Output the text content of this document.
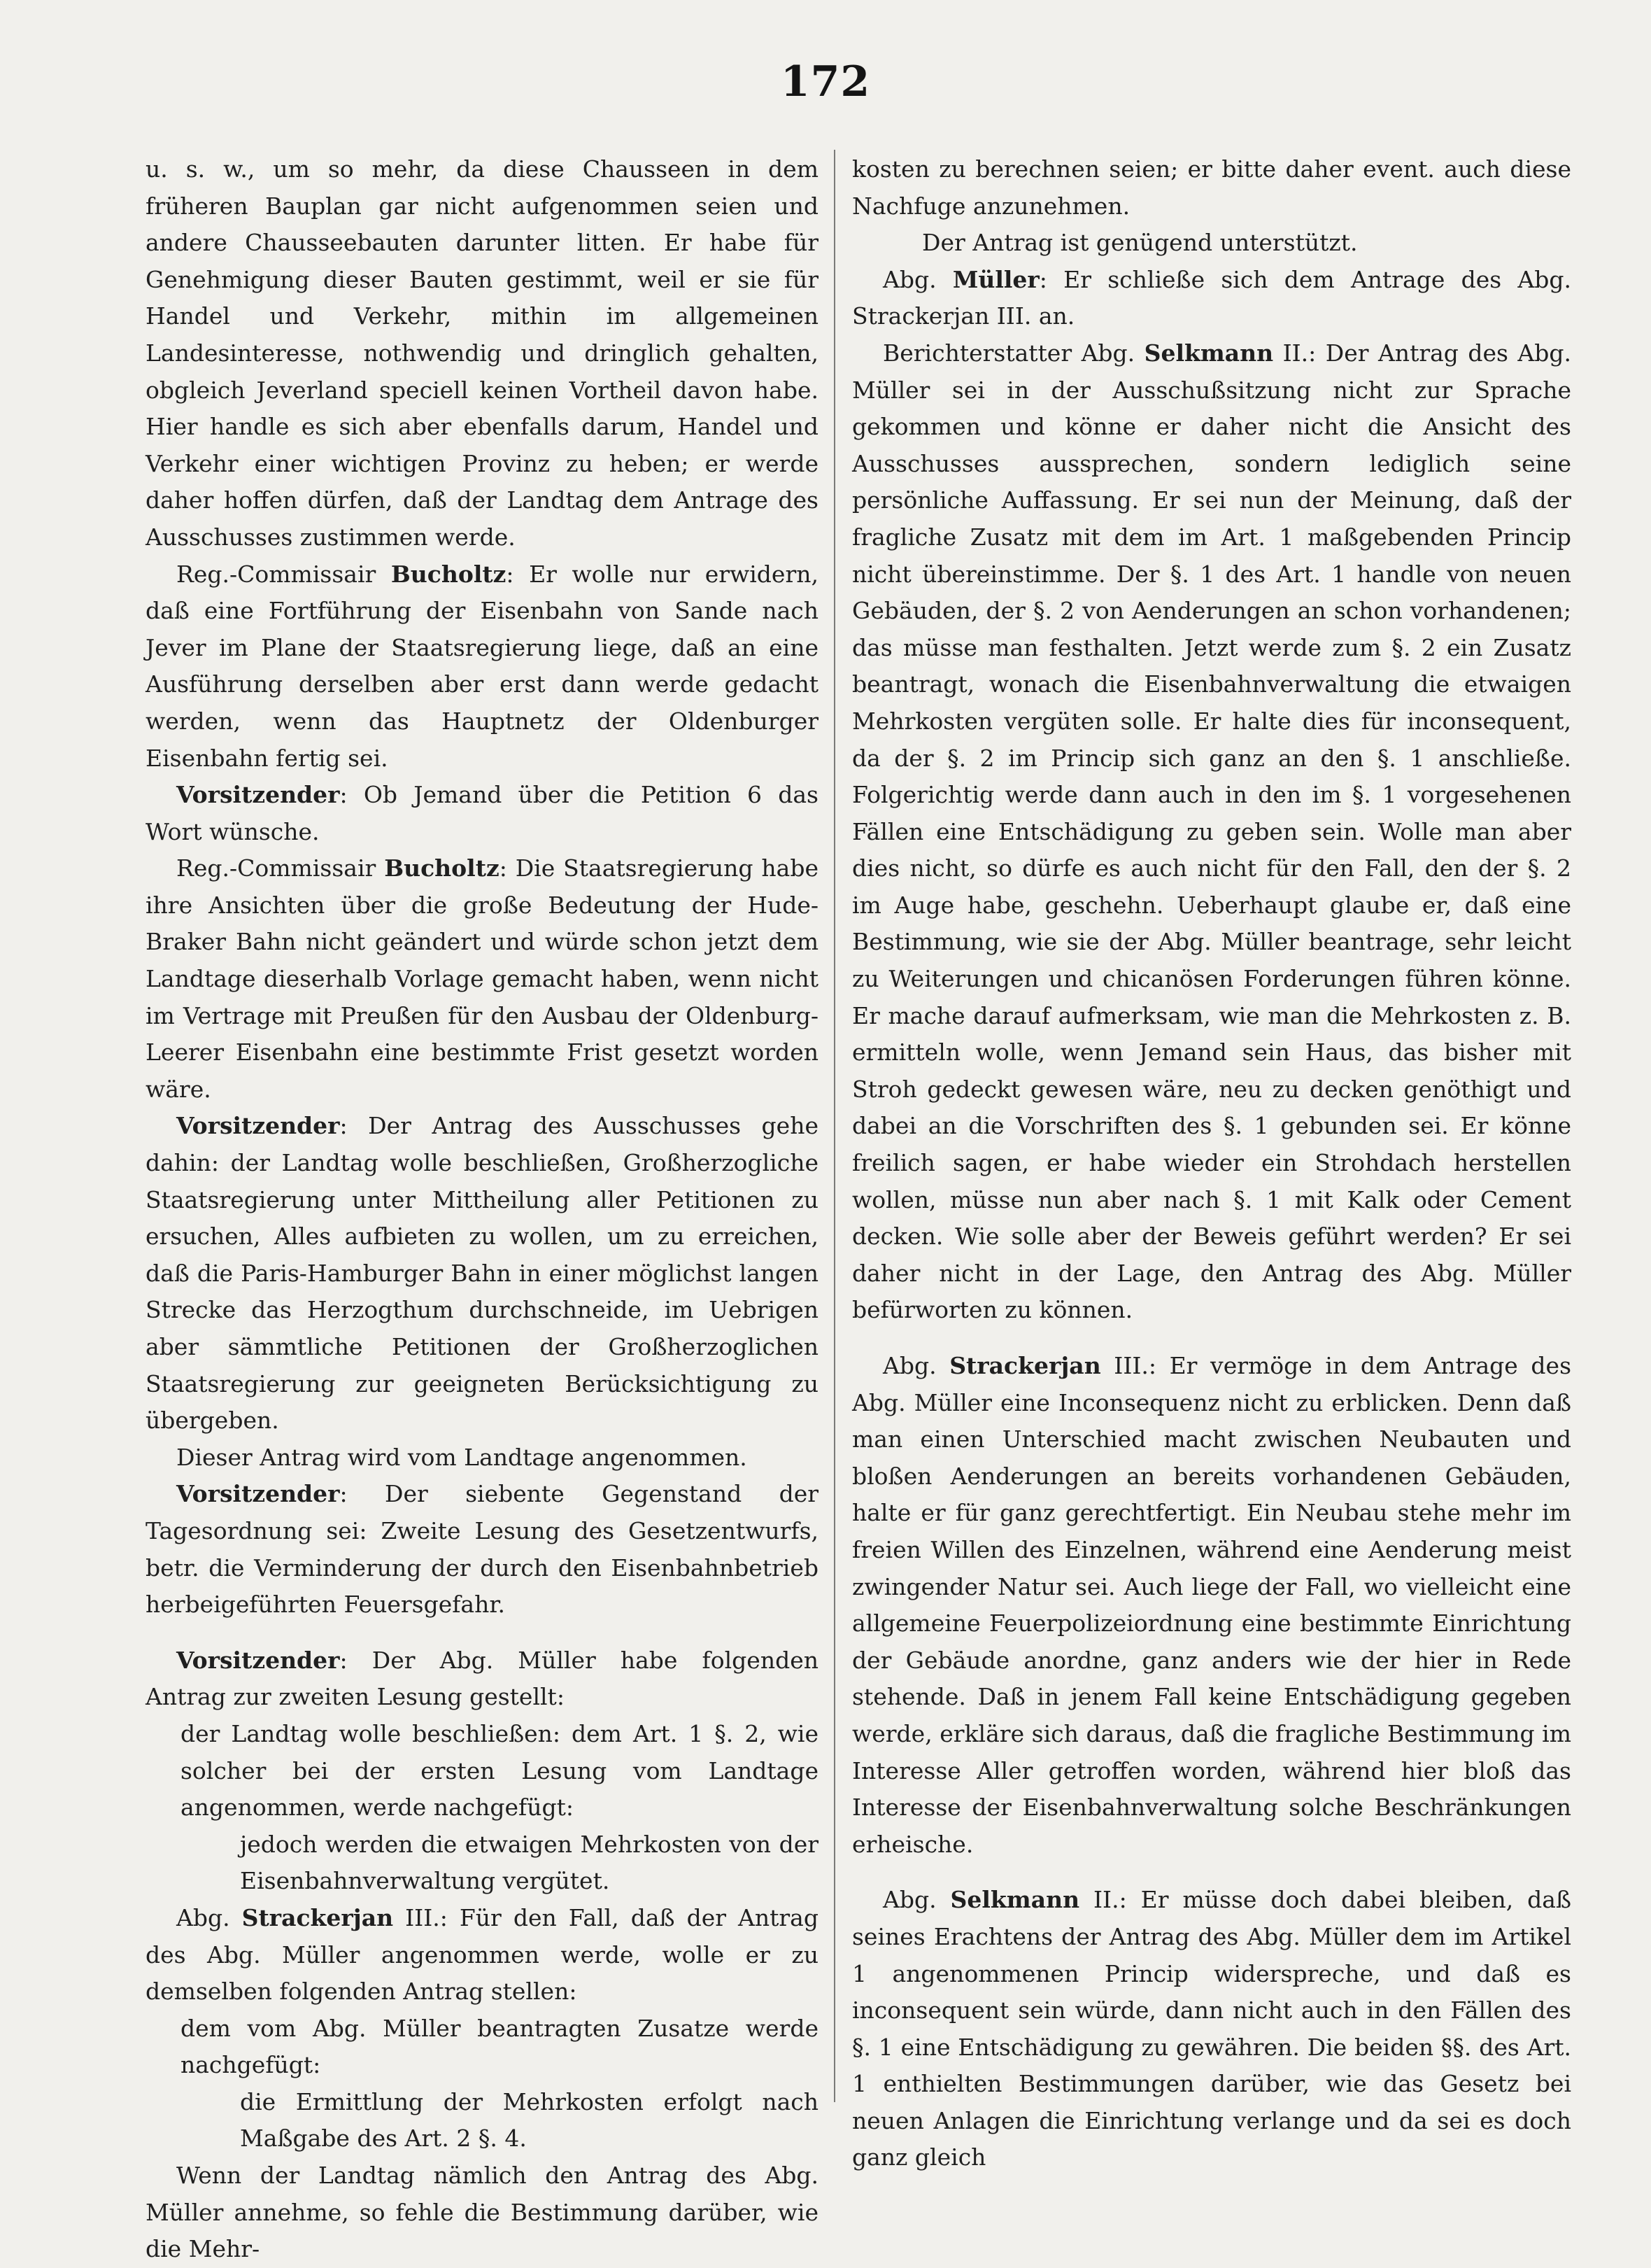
172

u. s. w., um so mehr, da diese Chausseen in dem früheren Bauplan gar nicht aufgenommen seien und andere Chausseebauten darunter litten. Er habe für Genehmigung dieser Bauten gestimmt, weil er sie für Handel und Verkehr, mithin im allgemeinen Landesinteresse, nothwendig und dringlich gehalten, obgleich Jeverland speciell keinen Vortheil davon habe. Hier handle es sich aber ebenfalls darum, Handel und Verkehr einer wichtigen Provinz zu heben; er werde daher hoffen dürfen, daß der Landtag dem Antrage des Ausschusses zustimmen werde.

Reg.-Commissair Bucholtz: Er wolle nur erwidern, daß eine Fortführung der Eisenbahn von Sande nach Jever im Plane der Staatsregierung liege, daß an eine Ausführung derselben aber erst dann werde gedacht werden, wenn das Hauptnetz der Oldenburger Eisenbahn fertig sei.

Vorsitzender: Ob Jemand über die Petition 6 das Wort wünsche.

Reg.-Commissair Bucholtz: Die Staatsregierung habe ihre Ansichten über die große Bedeutung der Hude-Braker Bahn nicht geändert und würde schon jetzt dem Landtage dieserhalb Vorlage gemacht haben, wenn nicht im Vertrage mit Preußen für den Ausbau der Oldenburg-Leerer Eisenbahn eine bestimmte Frist gesetzt worden wäre.

Vorsitzender: Der Antrag des Ausschusses gehe dahin: der Landtag wolle beschließen, Großherzogliche Staatsregierung unter Mittheilung aller Petitionen zu ersuchen, Alles aufbieten zu wollen, um zu erreichen, daß die Paris-Hamburger Bahn in einer möglichst langen Strecke das Herzogthum durchschneide, im Uebrigen aber sämmtliche Petitionen der Großherzoglichen Staatsregierung zur geeigneten Berücksichtigung zu übergeben.

Dieser Antrag wird vom Landtage angenommen.

Vorsitzender: Der siebente Gegenstand der Tagesordnung sei: Zweite Lesung des Gesetzentwurfs, betr. die Verminderung der durch den Eisenbahnbetrieb herbeigeführten Feuersgefahr.

Vorsitzender: Der Abg. Müller habe folgenden Antrag zur zweiten Lesung gestellt:

der Landtag wolle beschließen: dem Art. 1 §. 2, wie solcher bei der ersten Lesung vom Landtage angenommen, werde nachgefügt:

jedoch werden die etwaigen Mehrkosten von der Eisenbahnverwaltung vergütet.

Abg. Strackerjan III.: Für den Fall, daß der Antrag des Abg. Müller angenommen werde, wolle er zu demselben folgenden Antrag stellen:

dem vom Abg. Müller beantragten Zusatze werde nachgefügt:

die Ermittlung der Mehrkosten erfolgt nach Maßgabe des Art. 2 §. 4.

Wenn der Landtag nämlich den Antrag des Abg. Müller annehme, so fehle die Bestimmung darüber, wie die Mehr-

kosten zu berechnen seien; er bitte daher event. auch diese Nachfuge anzunehmen.

Der Antrag ist genügend unterstützt.

Abg. Müller: Er schließe sich dem Antrage des Abg. Strackerjan III. an.

Berichterstatter Abg. Selkmann II.: Der Antrag des Abg. Müller sei in der Ausschußsitzung nicht zur Sprache gekommen und könne er daher nicht die Ansicht des Ausschusses aussprechen, sondern lediglich seine persönliche Auffassung. Er sei nun der Meinung, daß der fragliche Zusatz mit dem im Art. 1 maßgebenden Princip nicht übereinstimme. Der §. 1 des Art. 1 handle von neuen Gebäuden, der §. 2 von Aenderungen an schon vorhandenen; das müsse man festhalten. Jetzt werde zum §. 2 ein Zusatz beantragt, wonach die Eisenbahnverwaltung die etwaigen Mehrkosten vergüten solle. Er halte dies für inconsequent, da der §. 2 im Princip sich ganz an den §. 1 anschließe. Folgerichtig werde dann auch in den im §. 1 vorgesehenen Fällen eine Entschädigung zu geben sein. Wolle man aber dies nicht, so dürfe es auch nicht für den Fall, den der §. 2 im Auge habe, geschehn. Ueberhaupt glaube er, daß eine Bestimmung, wie sie der Abg. Müller beantrage, sehr leicht zu Weiterungen und chicanösen Forderungen führen könne. Er mache darauf aufmerksam, wie man die Mehrkosten z. B. ermitteln wolle, wenn Jemand sein Haus, das bisher mit Stroh gedeckt gewesen wäre, neu zu decken genöthigt und dabei an die Vorschriften des §. 1 gebunden sei. Er könne freilich sagen, er habe wieder ein Strohdach herstellen wollen, müsse nun aber nach §. 1 mit Kalk oder Cement decken. Wie solle aber der Beweis geführt werden? Er sei daher nicht in der Lage, den Antrag des Abg. Müller befürworten zu können.

Abg. Strackerjan III.: Er vermöge in dem Antrage des Abg. Müller eine Inconsequenz nicht zu erblicken. Denn daß man einen Unterschied macht zwischen Neubauten und bloßen Aenderungen an bereits vorhandenen Gebäuden, halte er für ganz gerechtfertigt. Ein Neubau stehe mehr im freien Willen des Einzelnen, während eine Aenderung meist zwingender Natur sei. Auch liege der Fall, wo vielleicht eine allgemeine Feuerpolizeiordnung eine bestimmte Einrichtung der Gebäude anordne, ganz anders wie der hier in Rede stehende. Daß in jenem Fall keine Entschädigung gegeben werde, erkläre sich daraus, daß die fragliche Bestimmung im Interesse Aller getroffen worden, während hier bloß das Interesse der Eisenbahnverwaltung solche Beschränkungen erheische.

Abg. Selkmann II.: Er müsse doch dabei bleiben, daß seines Erachtens der Antrag des Abg. Müller dem im Artikel 1 angenommenen Princip widerspreche, und daß es inconsequent sein würde, dann nicht auch in den Fällen des §. 1 eine Entschädigung zu gewähren. Die beiden §§. des Art. 1 enthielten Bestimmungen darüber, wie das Gesetz bei neuen Anlagen die Einrichtung verlange und da sei es doch ganz gleich
